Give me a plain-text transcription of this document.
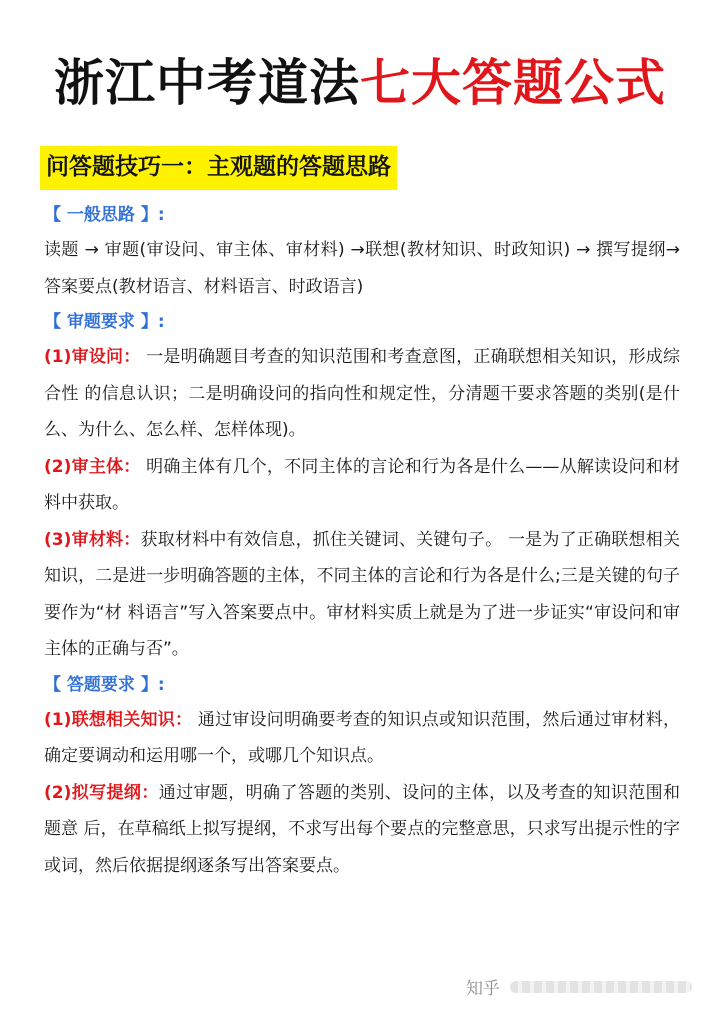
浙江中考道法七大答题公式
问答题技巧一：主观题的答题思路
【 一般思路 】:

读题 → 审题(审设问、审主体、审材料) →联想(教材知识、时政知识) → 撰写提纲→答案要点(教材语言、材料语言、时政语言)

【 审题要求 】:

(1)审设问： 一是明确题目考查的知识范围和考查意图，正确联想相关知识，形成综合性 的信息认识；二是明确设问的指向性和规定性，分清题干要求答题的类别(是什么、为什么、怎么样、怎样体现)。

(2)审主体： 明确主体有几个，不同主体的言论和行为各是什么——从解读设问和材料中获取。

(3)审材料：获取材料中有效信息，抓住关键词、关键句子。 一是为了正确联想相关知识，二是进一步明确答题的主体，不同主体的言论和行为各是什么;三是关键的句子要作为“材 料语言”写入答案要点中。审材料实质上就是为了进一步证实“审设问和审主体的正确与否”。

【 答题要求 】:

(1)联想相关知识： 通过审设问明确要考查的知识点或知识范围，然后通过审材料，确定要调动和运用哪一个，或哪几个知识点。

(2)拟写提纲：通过审题，明确了答题的类别、设问的主体，以及考查的知识范围和题意 后，在草稿纸上拟写提纲，不求写出每个要点的完整意思，只求写出提示性的字或词，然后依据提纲逐条写出答案要点。

知乎
